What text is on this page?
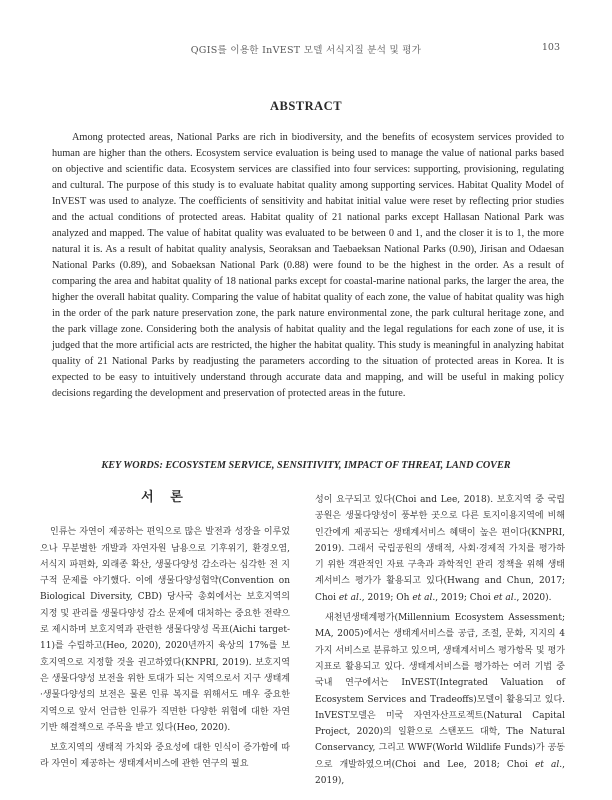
QGIS를 이용한 InVEST 모델 서식지질 분석 및 평가	103
ABSTRACT

Among protected areas, National Parks are rich in biodiversity, and the benefits of ecosystem services provided to human are higher than the others. Ecosystem service evaluation is being used to manage the value of national parks based on objective and scientific data. Ecosystem services are classified into four services: supporting, provisioning, regulating and cultural. The purpose of this study is to evaluate habitat quality among supporting services. Habitat Quality Model of InVEST was used to analyze. The coefficients of sensitivity and habitat initial value were reset by reflecting prior studies and the actual conditions of protected areas. Habitat quality of 21 national parks except Hallasan National Park was analyzed and mapped. The value of habitat quality was evaluated to be between 0 and 1, and the closer it is to 1, the more natural it is. As a result of habitat quality analysis, Seoraksan and Taebaeksan National Parks (0.90), Jirisan and Odaesan National Parks (0.89), and Sobaeksan National Park (0.88) were found to be the highest in the order. As a result of comparing the area and habitat quality of 18 national parks except for coastal-marine national parks, the larger the area, the higher the overall habitat quality. Comparing the value of habitat quality of each zone, the value of habitat quality was high in the order of the park nature preservation zone, the park nature environmental zone, the park cultural heritage zone, and the park village zone. Considering both the analysis of habitat quality and the legal regulations for each zone of use, it is judged that the more artificial acts are restricted, the higher the habitat quality. This study is meaningful in analyzing habitat quality of 21 National Parks by readjusting the parameters according to the situation of protected areas in Korea. It is expected to be easy to intuitively understand through accurate data and mapping, and will be useful in making policy decisions regarding the development and preservation of protected areas in the future.

KEY WORDS: ECOSYSTEM SERVICE, SENSITIVITY, IMPACT OF THREAT, LAND COVER
서 론

인류는 자연이 제공하는 편익으로 많은 발전과 성장을 이루었으나 무분별한 개발과 자연자원 남용으로 기후위기, 환경오염, 서식지 파편화, 외래종 확산, 생물다양성 감소라는 심각한 전 지구적 문제를 야기했다. 이에 생물다양성협약(Convention on Biological Diversity, CBD) 당사국 총회에서는 보호지역의 지정 및 관리를 생물다양성 감소 문제에 대처하는 중요한 전략으로 제시하며 보호지역과 관련한 생물다양성 목표(Aichi target-11)를 수립하고(Heo, 2020), 2020년까지 육상의 17%를 보호지역으로 지정할 것을 권고하였다(KNPRI, 2019). 보호지역은 생물다양성 보전을 위한 토대가 되는 지역으로서 지구 생태계·생물다양성의 보전은 물론 인류 복지를 위해서도 매우 중요한 지역으로 앞서 언급한 인류가 직면한 다양한 위협에 대한 자연 기반 해결책으로 주목을 받고 있다(Heo, 2020).

보호지역의 생태적 가치와 중요성에 대한 인식이 증가함에 따라 자연이 제공하는 생태계서비스에 관한 연구의 필요

성이 요구되고 있다(Choi and Lee, 2018). 보호지역 중 국립공원은 생물다양성이 풍부한 곳으로 다른 토지이용지역에 비해 인간에게 제공되는 생태계서비스 혜택이 높은 편이다(KNPRI, 2019). 그래서 국립공원의 생태적, 사회·경제적 가치를 평가하기 위한 객관적인 자료 구축과 과학적인 관리 정책을 위해 생태계서비스 평가가 활용되고 있다(Hwang and Chun, 2017; Choi et al., 2019; Oh et al., 2019; Choi et al., 2020).

새천년생태계평가(Millennium Ecosystem Assessment; MA, 2005)에서는 생태계서비스를 공급, 조절, 문화, 지지의 4가지 서비스로 분류하고 있으며, 생태계서비스 평가항목 및 평가지표로 활용되고 있다. 생태계서비스를 평가하는 여러 기법 중 국내 연구에서는 InVEST(Integrated Valuation of Ecosystem Services and Tradeoffs)모델이 활용되고 있다. InVEST모델은 미국 자연자산프로젝트(Natural Capital Project, 2020)의 일환으로 스탠포드 대학, The Natural Conservancy, 그리고 WWF(World Wildlife Funds)가 공동으로 개발하였으며(Choi and Lee, 2018; Choi et al., 2019),
